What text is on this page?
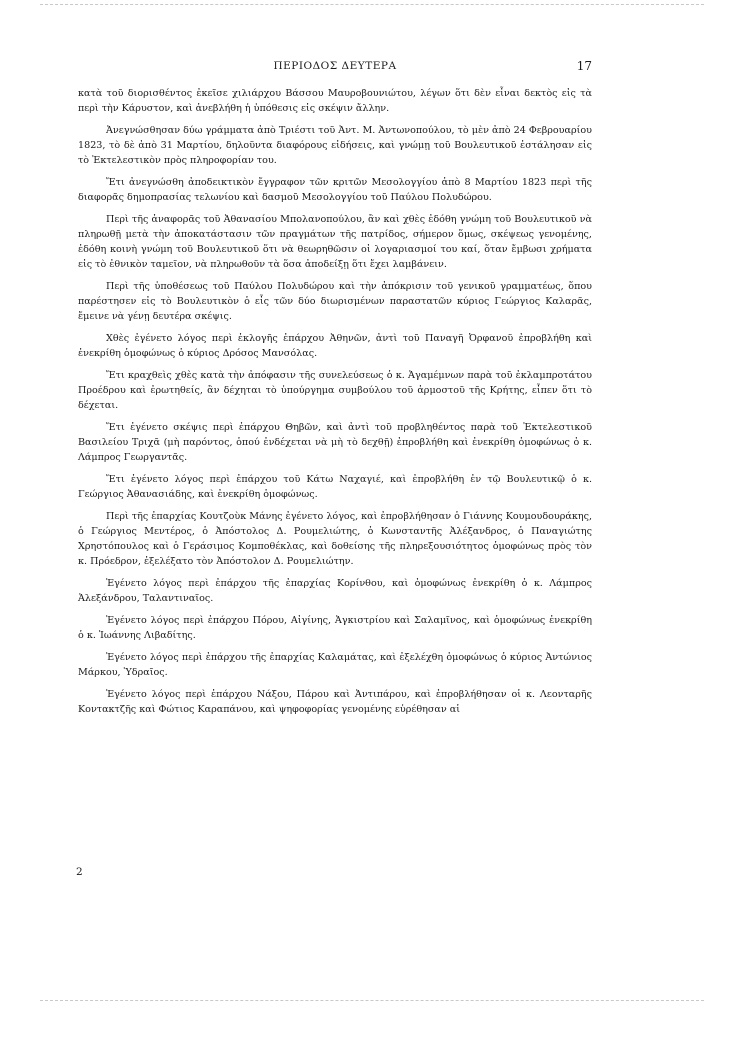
ΠΕΡΙΟΔΟΣ ΔΕΥΤΕΡΑ	17

κατὰ τοῦ διορισθέντος ἐκεῖσε χιλιάρχου Βάσσου Μαυροβουνιώτου, λέγων ὅτι δὲν εἶναι δεκτὸς εἰς τὰ περὶ τὴν Κάρυστον, καὶ ἀνεβλήθη ἡ ὑπόθεσις εἰς σκέψιν ἄλλην.

Ἀνεγνώσθησαν δύω γράμματα ἀπὸ Τριέστι τοῦ Ἀντ. Μ. Ἀντωνοπούλου, τὸ μὲν ἀπὸ 24 Φεβρουαρίου 1823, τὸ δὲ ἀπὸ 31 Μαρτίου, δηλοῦντα διαφόρους εἰδήσεις, καὶ γνώμῃ τοῦ Βουλευτικοῦ ἐστάλησαν εἰς τὸ Ἐκτελεστικὸν πρὸς πληροφορίαν του.

Ἔτι ἀνεγνώσθη ἀποδεικτικὸν ἔγγραφον τῶν κριτῶν Μεσολογγίου ἀπὸ 8 Μαρτίου 1823 περὶ τῆς διαφορᾶς δημοπρασίας τελωνίου καὶ δασμοῦ Μεσολογγίου τοῦ Παύλου Πολυδώρου.

Περὶ τῆς ἀναφορᾶς τοῦ Ἀθανασίου Μπολανοπούλου, ἂν καὶ χθὲς ἐδόθη γνώμη τοῦ Βουλευτικοῦ νὰ πληρωθῇ μετὰ τὴν ἀποκατάστασιν τῶν πραγμάτων τῆς πατρίδος, σήμερον ὅμως, σκέψεως γενομένης, ἐδόθη κοινὴ γνώμη τοῦ Βουλευτικοῦ ὅτι νὰ θεωρηθῶσιν οἱ λογαριασμοί του καί, ὅταν ἔμβωσι χρήματα εἰς τὸ ἐθνικὸν ταμεῖον, νὰ πληρωθοῦν τὰ ὅσα ἀποδείξῃ ὅτι ἔχει λαμβάνειν.

Περὶ τῆς ὑποθέσεως τοῦ Παύλου Πολυδώρου καὶ τὴν ἀπόκρισιν τοῦ γενικοῦ γραμματέως, ὅπου παρέστησεν εἰς τὸ Βουλευτικὸν ὁ εἷς τῶν δύο διωρισμένων παραστατῶν κύριος Γεώργιος Καλαρᾶς, ἔμεινε νὰ γένῃ δευτέρα σκέψις.

Χθὲς ἐγένετο λόγος περὶ ἐκλογῆς ἐπάρχου Ἀθηνῶν, ἀντὶ τοῦ Παναγῆ Ὀρφανοῦ ἐπροβλήθη καὶ ἐνεκρίθη ὁμοφώνως ὁ κύριος Δρόσος Μανσόλας.

Ἔτι κραχθεὶς χθὲς κατὰ τὴν ἀπόφασιν τῆς συνελεύσεως ὁ κ. Ἀγαμέμνων παρὰ τοῦ ἐκλαμπροτάτου Προέδρου καὶ ἐρωτηθείς, ἂν δέχηται τὸ ὑπούργημα συμβούλου τοῦ ἁρμοστοῦ τῆς Κρήτης, εἶπεν ὅτι τὸ δέχεται.

Ἔτι ἐγένετο σκέψις περὶ ἐπάρχου Θηβῶν, καὶ ἀντὶ τοῦ προβληθέντος παρὰ τοῦ Ἐκτελεστικοῦ Βασιλείου Τριχᾶ (μὴ παρόντος, ὁπού ἐνδέχεται νὰ μὴ τὸ δεχθῇ) ἐπροβλήθη καὶ ἐνεκρίθη ὁμοφώνως ὁ κ. Λάμπρος Γεωργαντᾶς.

Ἔτι ἐγένετο λόγος περὶ ἐπάρχου τοῦ Κάτω Ναχαγιέ, καὶ ἐπροβλήθη ἐν τῷ Βουλευτικῷ ὁ κ. Γεώργιος Ἀθανασιάδης, καὶ ἐνεκρίθη ὁμοφώνως.

Περὶ τῆς ἐπαρχίας Κουτζοὺκ Μάνης ἐγένετο λόγος, καὶ ἐπροβλήθησαν ὁ Γιάννης Κουμουδουράκης, ὁ Γεώργιος Μεντέρος, ὁ Ἀπόστολος Δ. Ρουμελιώτης, ὁ Κωνσταντῆς Ἀλέξανδρος, ὁ Παναγιώτης Χρηστόπουλος καὶ ὁ Γεράσιμος Κομποθέκλας, καὶ δοθείσης τῆς πληρεξουσιότητος ὁμοφώνως πρὸς τὸν κ. Πρόεδρον, ἐξελέξατο τὸν Ἀπόστολον Δ. Ρουμελιώτην.

Ἐγένετο λόγος περὶ ἐπάρχου τῆς ἐπαρχίας Κορίνθου, καὶ ὁμοφώνως ἐνεκρίθη ὁ κ. Λάμπρος Ἀλεξάνδρου, Ταλαντιναῖος.

Ἐγένετο λόγος περὶ ἐπάρχου Πόρου, Αἰγίνης, Ἀγκιστρίου καὶ Σαλαμῖνος, καὶ ὁμοφώνως ἐνεκρίθη ὁ κ. Ἰωάννης Λιβαδίτης.

Ἐγένετο λόγος περὶ ἐπάρχου τῆς ἐπαρχίας Καλαμάτας, καὶ ἐξελέχθη ὁμοφώνως ὁ κύριος Ἀντώνιος Μάρκου, Ὑδραῖος.

Ἐγένετο λόγος περὶ ἐπάρχου Νάξου, Πάρου καὶ Ἀντιπάρου, καὶ ἐπροβλήθησαν οἱ κ. Λεονταρῆς Κοντακτζῆς καὶ Φώτιος Καραπάνου, καὶ ψηφοφορίας γενομένης εὑρέθησαν αἱ

2
